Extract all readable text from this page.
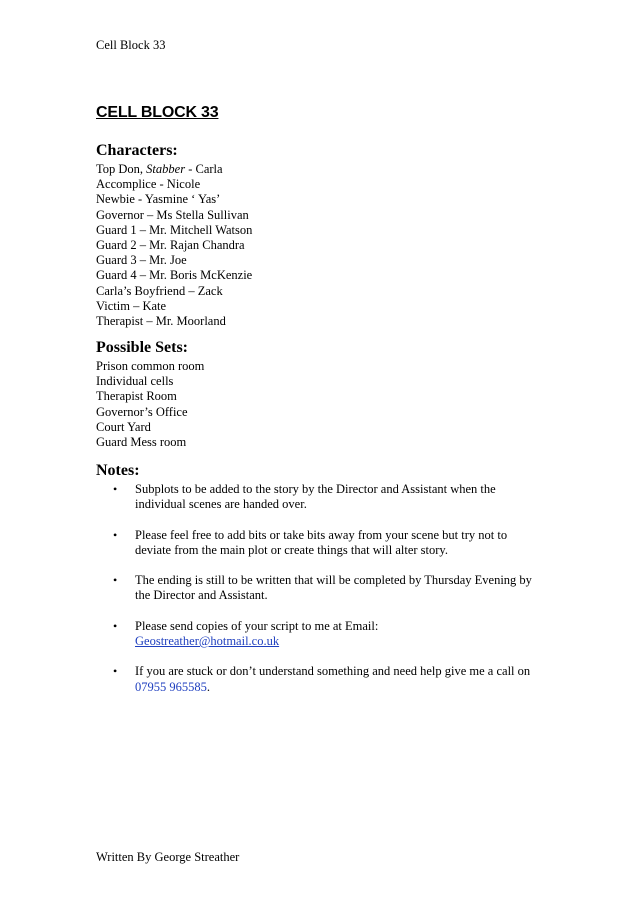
Cell Block 33
CELL BLOCK 33
Characters:
Top Don, Stabber - Carla
Accomplice - Nicole
Newbie - Yasmine ‘ Yas’
Governor – Ms Stella Sullivan
Guard 1 – Mr. Mitchell Watson
Guard 2 – Mr. Rajan Chandra
Guard 3 – Mr. Joe
Guard 4 – Mr. Boris McKenzie
Carla’s Boyfriend – Zack
Victim – Kate
Therapist – Mr. Moorland
Possible Sets:
Prison common room
Individual cells
Therapist Room
Governor’s Office
Court Yard
Guard Mess room
Notes:
• Subplots to be added to the story by the Director and Assistant when the individual scenes are handed over.
• Please feel free to add bits or take bits away from your scene but try not to deviate from the main plot or create things that will alter story.
• The ending is still to be written that will be completed by Thursday Evening by the Director and Assistant.
• Please send copies of your script to me at Email:
Geostreather@hotmail.co.uk
• If you are stuck or don’t understand something and need help give me a call on 07955 965585.
Written By George Streather
